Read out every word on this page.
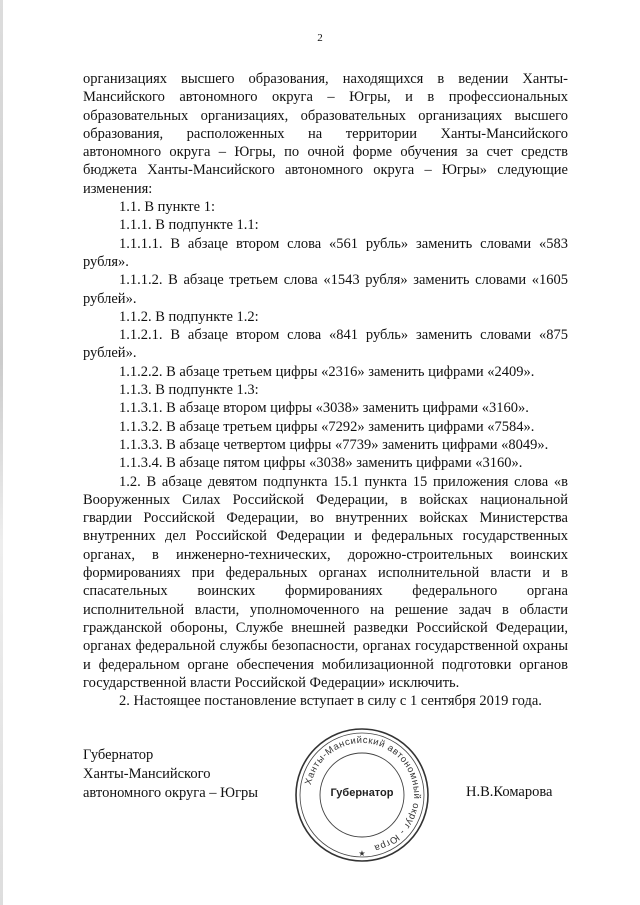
2

организациях высшего образования, находящихся в ведении Ханты-Мансийского автономного округа – Югры, и в профессиональных образовательных организациях, образовательных организациях высшего образования, расположенных на территории Ханты-Мансийского автономного округа – Югры, по очной форме обучения за счет средств бюджета Ханты-Мансийского автономного округа – Югры» следующие изменения:

1.1. В пункте 1:

1.1.1. В подпункте 1.1:

1.1.1.1. В абзаце втором слова «561 рубль» заменить словами «583 рубля».

1.1.1.2. В абзаце третьем слова «1543 рубля» заменить словами «1605 рублей».

1.1.2. В подпункте 1.2:

1.1.2.1. В абзаце втором слова «841 рубль» заменить словами «875 рублей».

1.1.2.2. В абзаце третьем цифры «2316» заменить цифрами «2409».

1.1.3. В подпункте 1.3:

1.1.3.1. В абзаце втором цифры «3038» заменить цифрами «3160».

1.1.3.2. В абзаце третьем цифры «7292» заменить цифрами «7584».

1.1.3.3. В абзаце четвертом цифры «7739» заменить цифрами «8049».

1.1.3.4. В абзаце пятом цифры «3038» заменить цифрами «3160».

1.2. В абзаце девятом подпункта 15.1 пункта 15 приложения слова «в Вооруженных Силах Российской Федерации, в войсках национальной гвардии Российской Федерации, во внутренних войсках Министерства внутренних дел Российской Федерации и федеральных государственных органах, в инженерно-технических, дорожно-строительных воинских формированиях при федеральных органах исполнительной власти и в спасательных воинских формированиях федерального органа исполнительной власти, уполномоченного на решение задач в области гражданской обороны, Службе внешней разведки Российской Федерации, органах федеральной службы безопасности, органах государственной охраны и федеральном органе обеспечения мобилизационной подготовки органов государственной власти Российской Федерации» исключить.

2. Настоящее постановление вступает в силу с 1 сентября 2019 года.

Губернатор
Ханты-Мансийского
автономного округа – Югры
Ханты-Мансийский автономный округ - Югра
★
Губернатор	Н.В.Комарова
